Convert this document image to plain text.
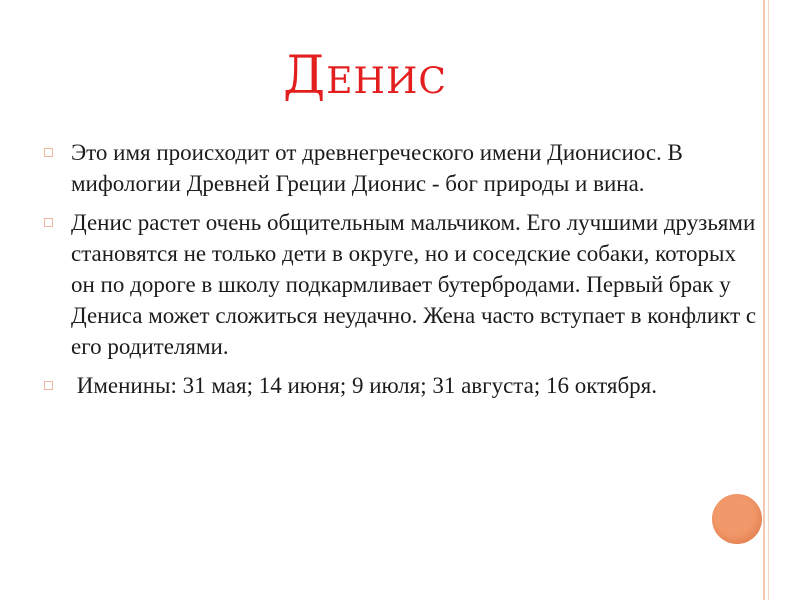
Денис
Это имя происходит от древнегреческого имени Дионисиос. В мифологии Древней Греции Дионис - бог природы и вина.
Денис растет очень общительным мальчиком. Его лучшими друзьями становятся не только дети в округе, но и соседские собаки, которых он по дороге в школу подкармливает бутербродами. Первый брак у Дениса может сложиться неудачно. Жена часто вступает в конфликт с его родителями.
Именины: 31 мая; 14 июня; 9 июля; 31 августа; 16 октября.
